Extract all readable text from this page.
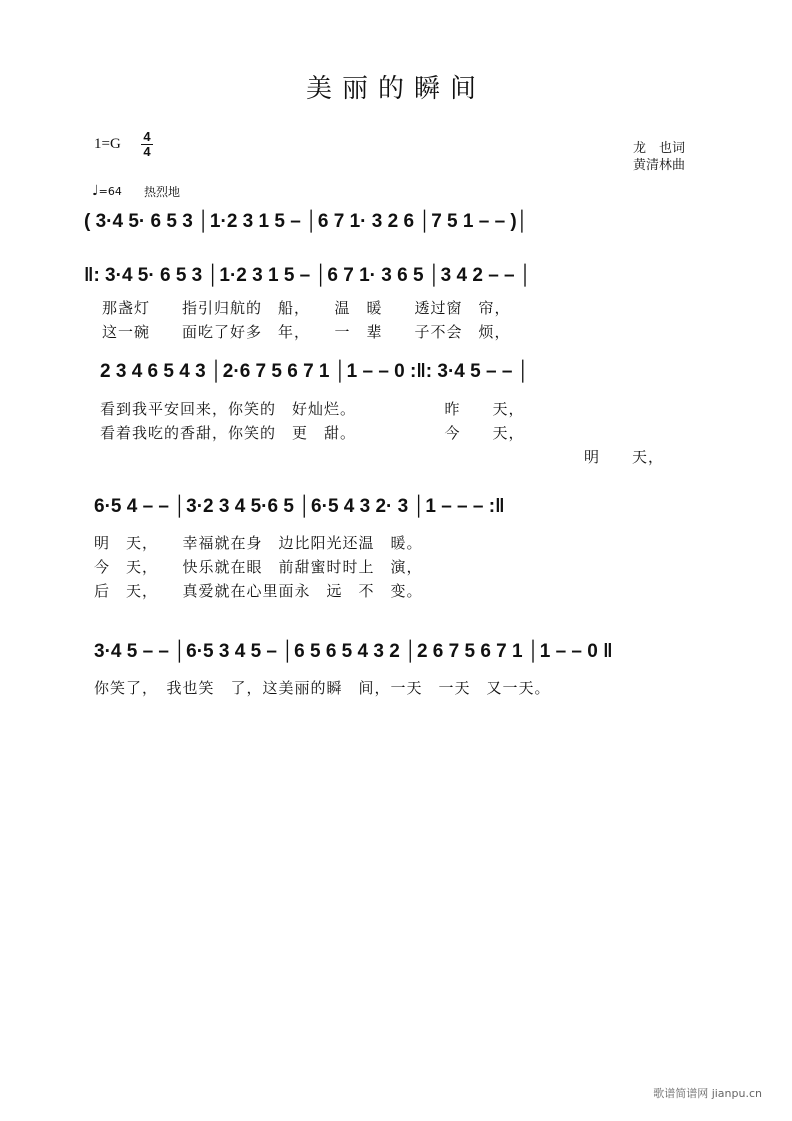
美丽的瞬间
1=G 4
4	龙　也词
黄清林曲
♩=64 热烈地
( 3·4 5· 6 5 3 │1·2 3 1 5 – │6 7 1· 3 2 6 │7 5 1 – – )│
‖: 3·4 5· 6 5 3 │1·2 3 1 5 – │6 7 1· 3 6 5 │3 4 2 – – │
那盏灯　　指引归航的　船，　　温　暖　　透过窗　帘，
这一碗　　面吃了好多　年，　　一　辈　　子不会　烦，
2 3 4 6 5 4 3 │2·6 7 5 6 7 1 │1 – – 0 :‖: 3·4 5 – – │
看到我平安回来，你笑的　好灿烂。　　　　　　昨　　天，
看着我吃的香甜，你笑的　更　甜。　　　　　　今　　天，
明　　天，
6·5 4 – – │3·2 3 4 5·6 5 │6·5 4 3 2· 3 │1 – – – :‖
明　天，　　幸福就在身　边比阳光还温　暖。
今　天，　　快乐就在眼　前甜蜜时时上　演，
后　天，　　真爱就在心里面永　远　不　变。
3·4 5 – – │6·5 3 4 5 – │6 5 6 5 4 3 2 │2 6 7 5 6 7 1 │1 – – 0 ‖
你笑了，　我也笑　了，这美丽的瞬　间，一天　一天　又一天。
歌谱简谱网 jianpu.cn
